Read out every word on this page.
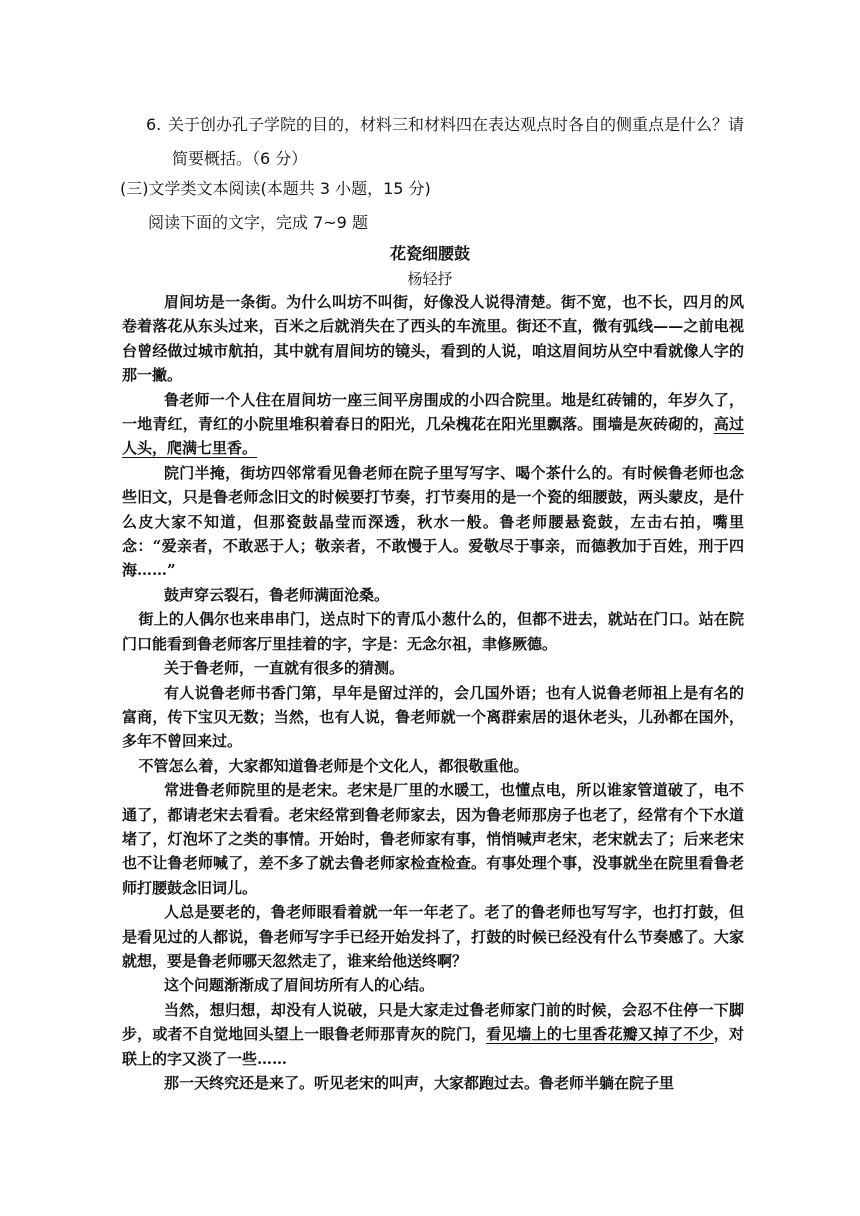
6. 关于创办孔子学院的目的，材料三和材料四在表达观点时各自的侧重点是什么？请
简要概括。（6 分）
(三)文学类文本阅读(本题共 3 小题，15 分)
阅读下面的文字，完成 7~9 题
花瓷细腰鼓
杨轻抒

眉间坊是一条街。为什么叫坊不叫街，好像没人说得清楚。街不宽，也不长，四月的风卷着落花从东头过来，百米之后就消失在了西头的车流里。街还不直，微有弧线——之前电视台曾经做过城市航拍，其中就有眉间坊的镜头，看到的人说，咱这眉间坊从空中看就像人字的那一撇。

鲁老师一个人住在眉间坊一座三间平房围成的小四合院里。地是红砖铺的，年岁久了，一地青红，青红的小院里堆积着春日的阳光，几朵槐花在阳光里飘落。围墙是灰砖砌的，高过人头，爬满七里香。

院门半掩，街坊四邻常看见鲁老师在院子里写写字、喝个茶什么的。有时候鲁老师也念些旧文，只是鲁老师念旧文的时候要打节奏，打节奏用的是一个瓷的细腰鼓，两头蒙皮，是什么皮大家不知道，但那瓷鼓晶莹而深透，秋水一般。鲁老师腰悬瓷鼓，左击右拍，嘴里念：“爱亲者，不敢恶于人；敬亲者，不敢慢于人。爱敬尽于事亲，而德教加于百姓，刑于四海……”

鼓声穿云裂石，鲁老师满面沧桑。

街上的人偶尔也来串串门，送点时下的青瓜小葱什么的，但都不进去，就站在门口。站在院门口能看到鲁老师客厅里挂着的字，字是：无念尔祖，聿修厥德。

关于鲁老师，一直就有很多的猜测。

有人说鲁老师书香门第，早年是留过洋的，会几国外语；也有人说鲁老师祖上是有名的富商，传下宝贝无数；当然，也有人说，鲁老师就一个离群索居的退休老头，儿孙都在国外，多年不曾回来过。

不管怎么着，大家都知道鲁老师是个文化人，都很敬重他。

常进鲁老师院里的是老宋。老宋是厂里的水暖工，也懂点电，所以谁家管道破了，电不通了，都请老宋去看看。老宋经常到鲁老师家去，因为鲁老师那房子也老了，经常有个下水道堵了，灯泡坏了之类的事情。开始时，鲁老师家有事，悄悄喊声老宋，老宋就去了；后来老宋也不让鲁老师喊了，差不多了就去鲁老师家检查检查。有事处理个事，没事就坐在院里看鲁老师打腰鼓念旧词儿。

人总是要老的，鲁老师眼看着就一年一年老了。老了的鲁老师也写写字，也打打鼓，但是看见过的人都说，鲁老师写字手已经开始发抖了，打鼓的时候已经没有什么节奏感了。大家就想，要是鲁老师哪天忽然走了，谁来给他送终啊？

这个问题渐渐成了眉间坊所有人的心结。

当然，想归想，却没有人说破，只是大家走过鲁老师家门前的时候，会忍不住停一下脚步，或者不自觉地回头望上一眼鲁老师那青灰的院门，看见墙上的七里香花瓣又掉了不少，对联上的字又淡了一些……

那一天终究还是来了。听见老宋的叫声，大家都跑过去。鲁老师半躺在院子里
